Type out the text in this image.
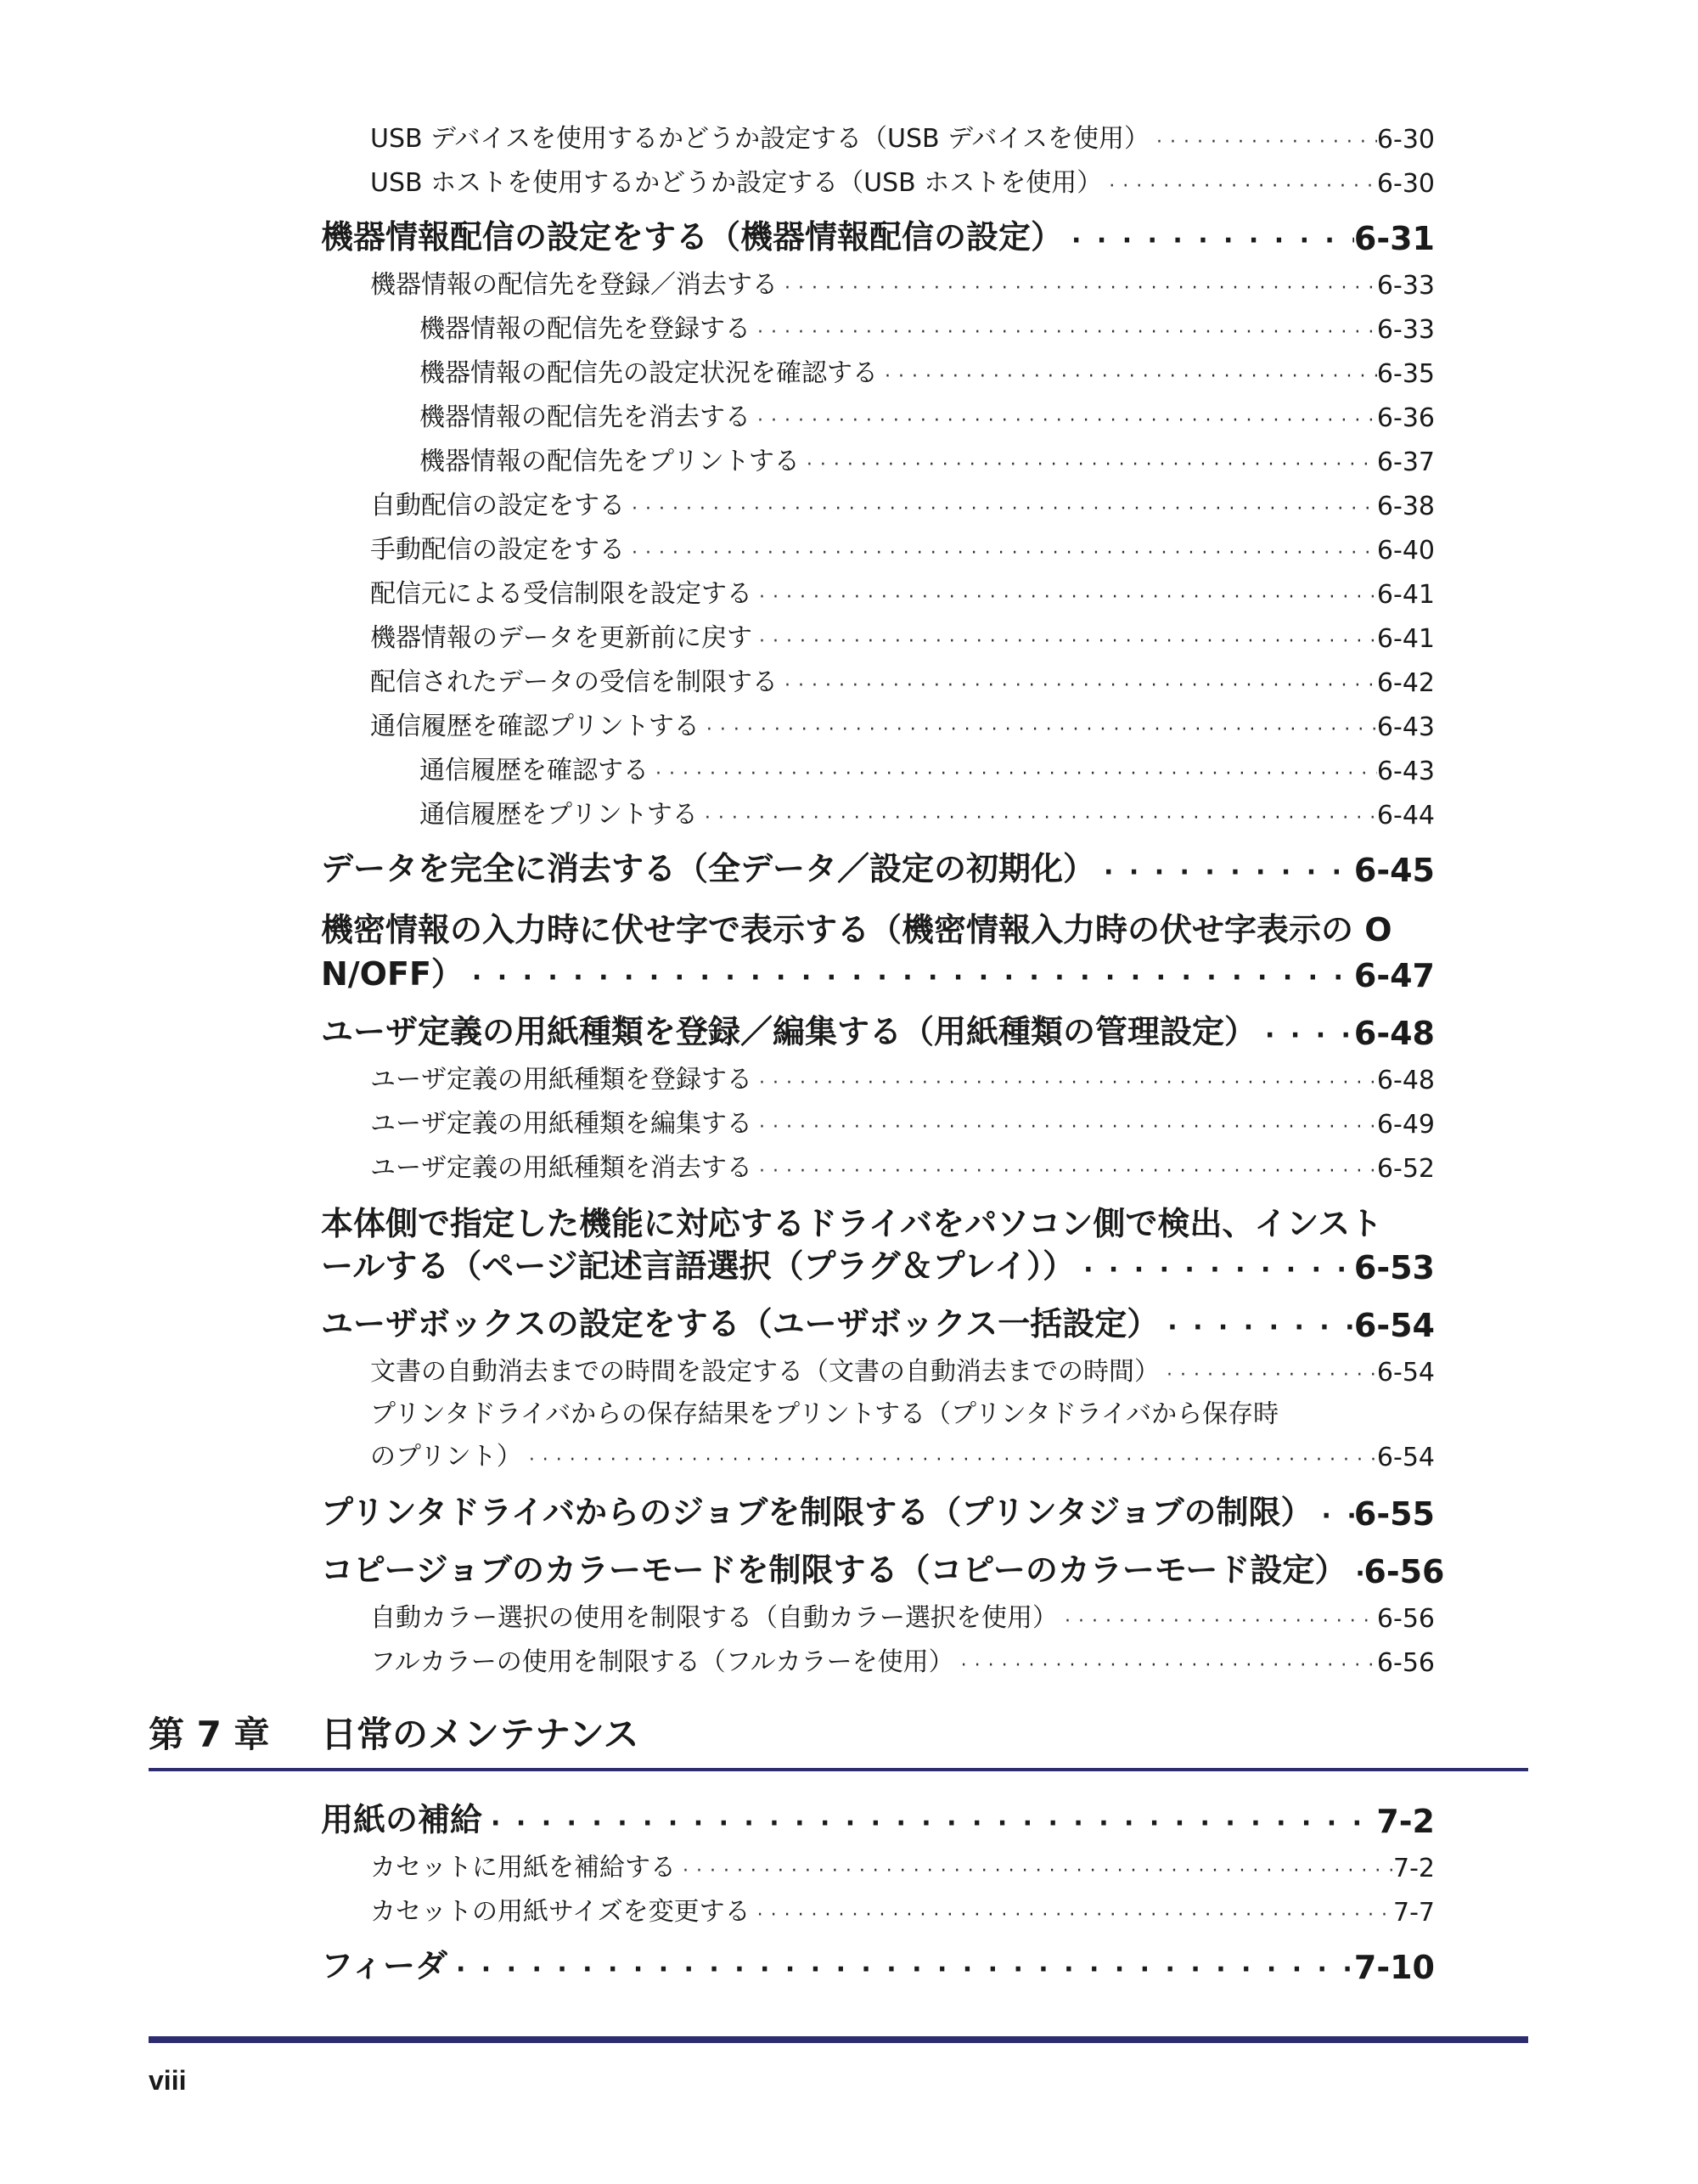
USB デバイスを使用するかどうか設定する（USB デバイスを使用） · · ·	6-30
USB ホストを使用するかどうか設定する（USB ホストを使用） · · ·	6-30
機器情報配信の設定をする（機器情報配信の設定） · · ·	6-31
機器情報の配信先を登録／消去する · · ·	6-33
機器情報の配信先を登録する · · ·	6-33
機器情報の配信先の設定状況を確認する · · ·	6-35
機器情報の配信先を消去する · · ·	6-36
機器情報の配信先をプリントする · · ·	6-37
自動配信の設定をする · · ·	6-38
手動配信の設定をする · · ·	6-40
配信元による受信制限を設定する · · ·	6-41
機器情報のデータを更新前に戻す · · ·	6-41
配信されたデータの受信を制限する · · ·	6-42
通信履歴を確認プリントする · · ·	6-43
通信履歴を確認する · · ·	6-43
通信履歴をプリントする · · ·	6-44
データを完全に消去する（全データ／設定の初期化） · · ·	6-45
機密情報の入力時に伏せ字で表示する（機密情報入力時の伏せ字表示の O
N/OFF） · · ·	6-47
ユーザ定義の用紙種類を登録／編集する（用紙種類の管理設定） · · ·	6-48
ユーザ定義の用紙種類を登録する · · ·	6-48
ユーザ定義の用紙種類を編集する · · ·	6-49
ユーザ定義の用紙種類を消去する · · ·	6-52
本体側で指定した機能に対応するドライバをパソコン側で検出、インスト
ールする（ページ記述言語選択（プラグ＆プレイ）） · · ·	6-53
ユーザボックスの設定をする（ユーザボックス一括設定） · · ·	6-54
文書の自動消去までの時間を設定する（文書の自動消去までの時間） · · ·	6-54
プリンタドライバからの保存結果をプリントする（プリンタドライバから保存時
のプリント） · · ·	6-54
プリンタドライバからのジョブを制限する（プリンタジョブの制限） · · · 6-55
コピージョブのカラーモードを制限する（コピーのカラーモード設定） · · · 6-56
自動カラー選択の使用を制限する（自動カラー選択を使用） · · ·	6-56
フルカラーの使用を制限する（フルカラーを使用） · · ·	6-56
第 7 章 日常のメンテナンス
用紙の補給 · · ·	7-2
カセットに用紙を補給する · · ·	7-2
カセットの用紙サイズを変更する · · ·	7-7
フィーダ · · ·	7-10
viii
